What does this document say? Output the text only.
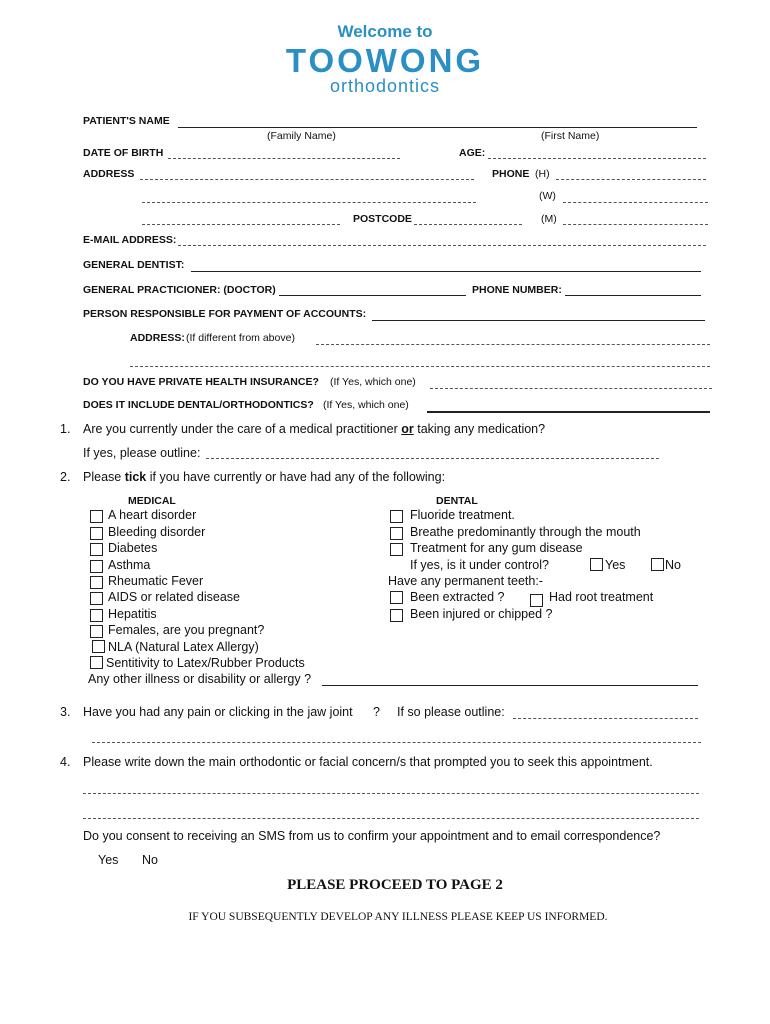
Welcome to
TOOWONG
orthodontics
PATIENT'S NAME
(Family Name)	(First Name)
DATE OF BIRTH	AGE:
ADDRESS	PHONE (H)
(W)
POSTCODE	(M)
E-MAIL ADDRESS:
GENERAL DENTIST:
GENERAL PRACTICIONER: (DOCTOR)	PHONE NUMBER:
PERSON RESPONSIBLE FOR PAYMENT OF ACCOUNTS:
ADDRESS: (If different from above)
DO YOU HAVE PRIVATE HEALTH INSURANCE? (If Yes, which one)
DOES IT INCLUDE DENTAL/ORTHODONTICS? (If Yes, which one)
1. Are you currently under the care of a medical practitioner or taking any medication?
If yes, please outline:
2. Please tick if you have currently or have had any of the following:
MEDICAL	DENTAL
A heart disorder
Bleeding disorder
Diabetes
Asthma
Rheumatic Fever
AIDS or related disease
Hepatitis
Females, are you pregnant?
NLA (Natural Latex Allergy)
Sentitivity to Latex/Rubber Products
Any other illness or disability or allergy ?
Fluoride treatment.
Breathe predominantly through the mouth
Treatment for any gum disease
If yes, is it under control?	Yes	No
Have any permanent teeth:-
Been extracted ?	Had root treatment
Been injured or chipped ?
3. Have you had any pain or clicking in the jaw joint ? If so please outline:
4. Please write down the main orthodontic or facial concern/s that prompted you to seek this appointment.
Do you consent to receiving an SMS from us to confirm your appointment and to email correspondence?
Yes No
PLEASE PROCEED TO PAGE 2
IF YOU SUBSEQUENTLY DEVELOP ANY ILLNESS PLEASE KEEP US INFORMED.
